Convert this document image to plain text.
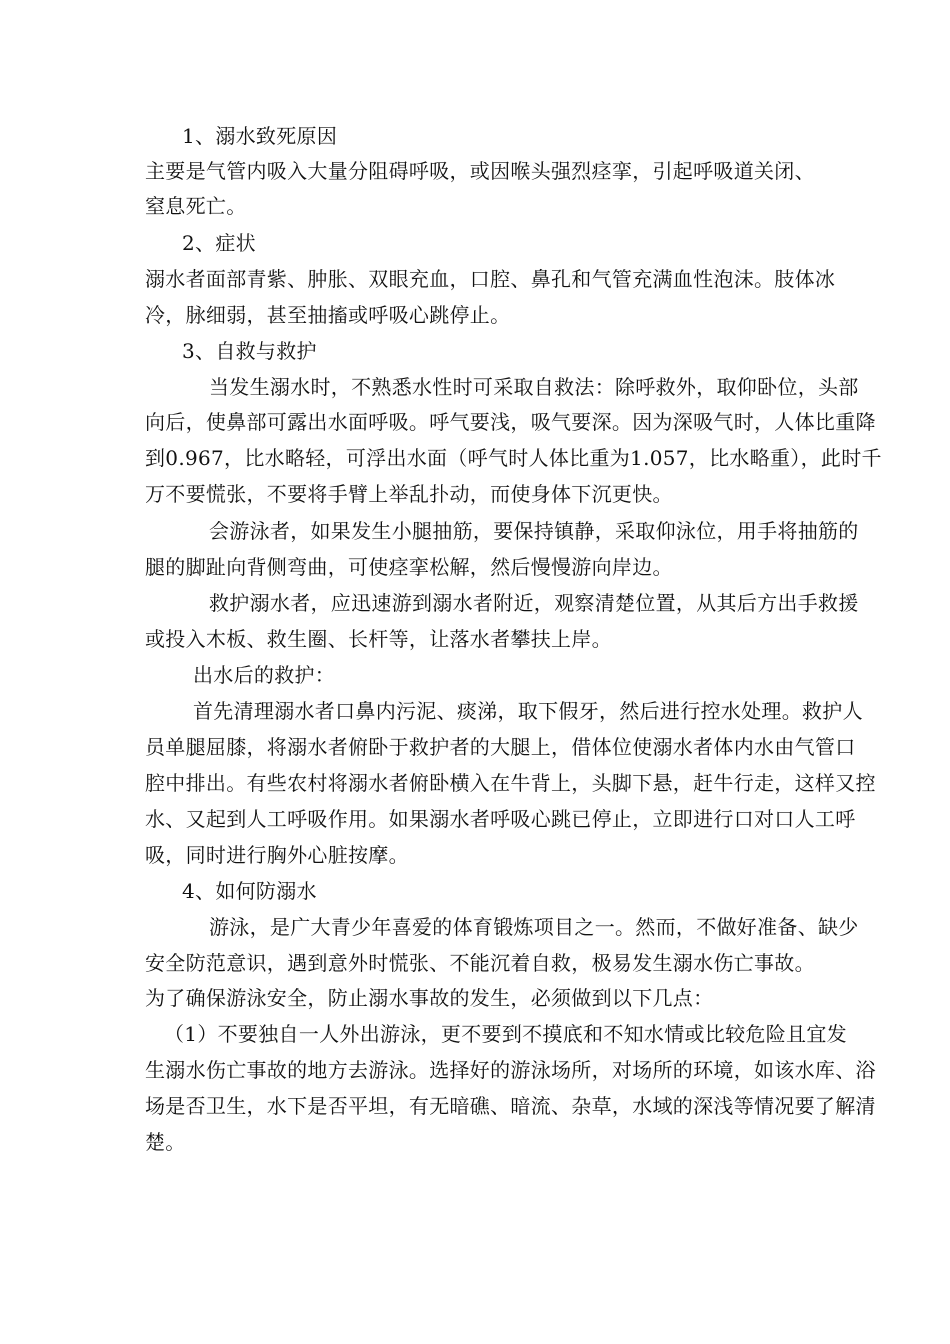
1、溺水致死原因
主要是气管内吸入大量分阻碍呼吸，或因喉头强烈痉挛，引起呼吸道关闭、
窒息死亡。
2、症状
溺水者面部青紫、肿胀、双眼充血，口腔、鼻孔和气管充满血性泡沫。肢体冰
冷，脉细弱，甚至抽搐或呼吸心跳停止。
3、自救与救护
当发生溺水时，不熟悉水性时可采取自救法：除呼救外，取仰卧位，头部
向后，使鼻部可露出水面呼吸。呼气要浅，吸气要深。因为深吸气时，人体比重降
到0.967，比水略轻，可浮出水面（呼气时人体比重为1.057，比水略重），此时千
万不要慌张，不要将手臂上举乱扑动，而使身体下沉更快。
会游泳者，如果发生小腿抽筋，要保持镇静，采取仰泳位，用手将抽筋的
腿的脚趾向背侧弯曲，可使痉挛松解，然后慢慢游向岸边。
救护溺水者，应迅速游到溺水者附近，观察清楚位置，从其后方出手救援
或投入木板、救生圈、长杆等，让落水者攀扶上岸。
出水后的救护：
首先清理溺水者口鼻内污泥、痰涕，取下假牙，然后进行控水处理。救护人
员单腿屈膝，将溺水者俯卧于救护者的大腿上，借体位使溺水者体内水由气管口
腔中排出。有些农村将溺水者俯卧横入在牛背上，头脚下悬，赶牛行走，这样又控
水、又起到人工呼吸作用。如果溺水者呼吸心跳已停止，立即进行口对口人工呼
吸，同时进行胸外心脏按摩。
4、如何防溺水
游泳，是广大青少年喜爱的体育锻炼项目之一。然而，不做好准备、缺少
安全防范意识，遇到意外时慌张、不能沉着自救，极易发生溺水伤亡事故。
为了确保游泳安全，防止溺水事故的发生，必须做到以下几点：
（1）不要独自一人外出游泳，更不要到不摸底和不知水情或比较危险且宜发
生溺水伤亡事故的地方去游泳。选择好的游泳场所，对场所的环境，如该水库、浴
场是否卫生，水下是否平坦，有无暗礁、暗流、杂草，水域的深浅等情况要了解清
楚。
